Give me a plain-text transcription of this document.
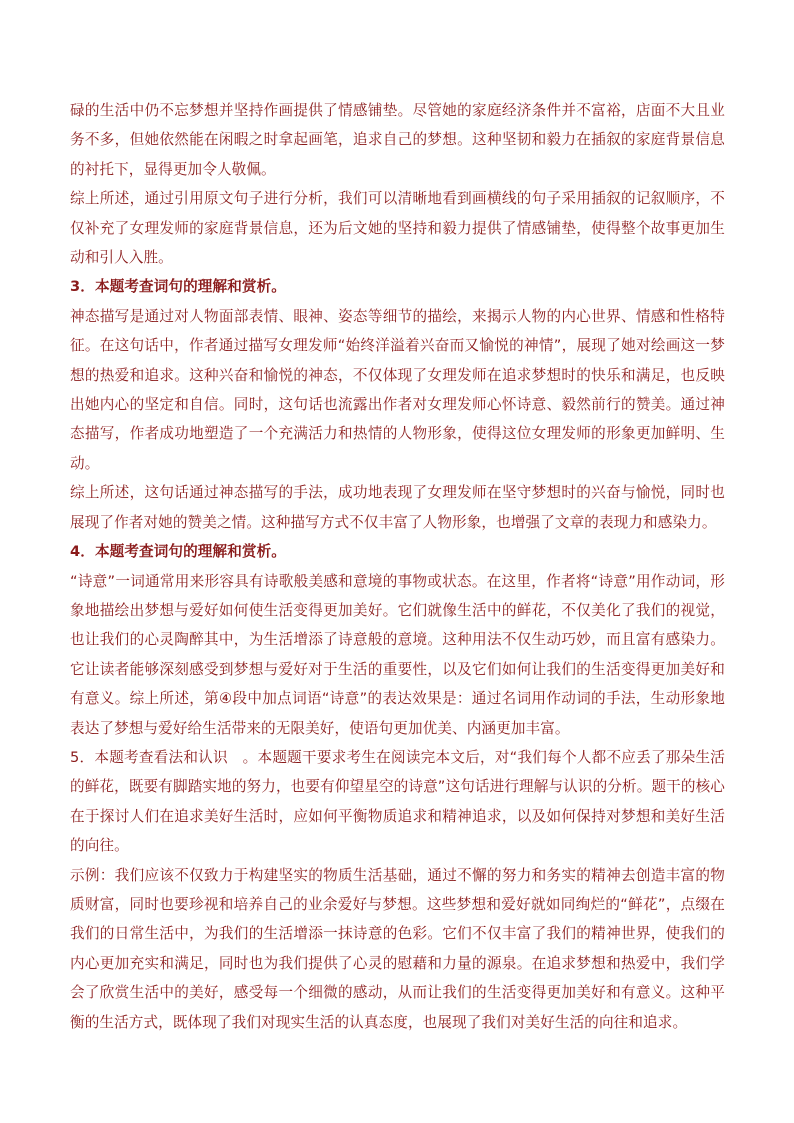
碌的生活中仍不忘梦想并坚持作画提供了情感铺垫。尽管她的家庭经济条件并不富裕，店面不大且业务不多，但她依然能在闲暇之时拿起画笔，追求自己的梦想。这种坚韧和毅力在插叙的家庭背景信息的衬托下，显得更加令人敬佩。

综上所述，通过引用原文句子进行分析，我们可以清晰地看到画横线的句子采用插叙的记叙顺序，不仅补充了女理发师的家庭背景信息，还为后文她的坚持和毅力提供了情感铺垫，使得整个故事更加生动和引人入胜。

3．本题考查词句的理解和赏析。

神态描写是通过对人物面部表情、眼神、姿态等细节的描绘，来揭示人物的内心世界、情感和性格特征。在这句话中，作者通过描写女理发师“始终洋溢着兴奋而又愉悦的神情”，展现了她对绘画这一梦想的热爱和追求。这种兴奋和愉悦的神态，不仅体现了女理发师在追求梦想时的快乐和满足，也反映出她内心的坚定和自信。同时，这句话也流露出作者对女理发师心怀诗意、毅然前行的赞美。通过神态描写，作者成功地塑造了一个充满活力和热情的人物形象，使得这位女理发师的形象更加鲜明、生动。

综上所述，这句话通过神态描写的手法，成功地表现了女理发师在坚守梦想时的兴奋与愉悦，同时也展现了作者对她的赞美之情。这种描写方式不仅丰富了人物形象，也增强了文章的表现力和感染力。

4．本题考查词句的理解和赏析。

“诗意”一词通常用来形容具有诗歌般美感和意境的事物或状态。在这里，作者将“诗意”用作动词，形象地描绘出梦想与爱好如何使生活变得更加美好。它们就像生活中的鲜花，不仅美化了我们的视觉，也让我们的心灵陶醉其中，为生活增添了诗意般的意境。这种用法不仅生动巧妙，而且富有感染力。它让读者能够深刻感受到梦想与爱好对于生活的重要性，以及它们如何让我们的生活变得更加美好和有意义。综上所述，第④段中加点词语“诗意”的表达效果是：通过名词用作动词的手法，生动形象地表达了梦想与爱好给生活带来的无限美好，使语句更加优美、内涵更加丰富。

5．本题考查看法和认识　。本题题干要求考生在阅读完本文后，对“我们每个人都不应丢了那朵生活的鲜花，既要有脚踏实地的努力，也要有仰望星空的诗意”这句话进行理解与认识的分析。题干的核心在于探讨人们在追求美好生活时，应如何平衡物质追求和精神追求，以及如何保持对梦想和美好生活的向往。

示例：我们应该不仅致力于构建坚实的物质生活基础，通过不懈的努力和务实的精神去创造丰富的物质财富，同时也要珍视和培养自己的业余爱好与梦想。这些梦想和爱好就如同绚烂的“鲜花”，点缀在我们的日常生活中，为我们的生活增添一抹诗意的色彩。它们不仅丰富了我们的精神世界，使我们的内心更加充实和满足，同时也为我们提供了心灵的慰藉和力量的源泉。在追求梦想和热爱中，我们学会了欣赏生活中的美好，感受每一个细微的感动，从而让我们的生活变得更加美好和有意义。这种平衡的生活方式，既体现了我们对现实生活的认真态度，也展现了我们对美好生活的向往和追求。
